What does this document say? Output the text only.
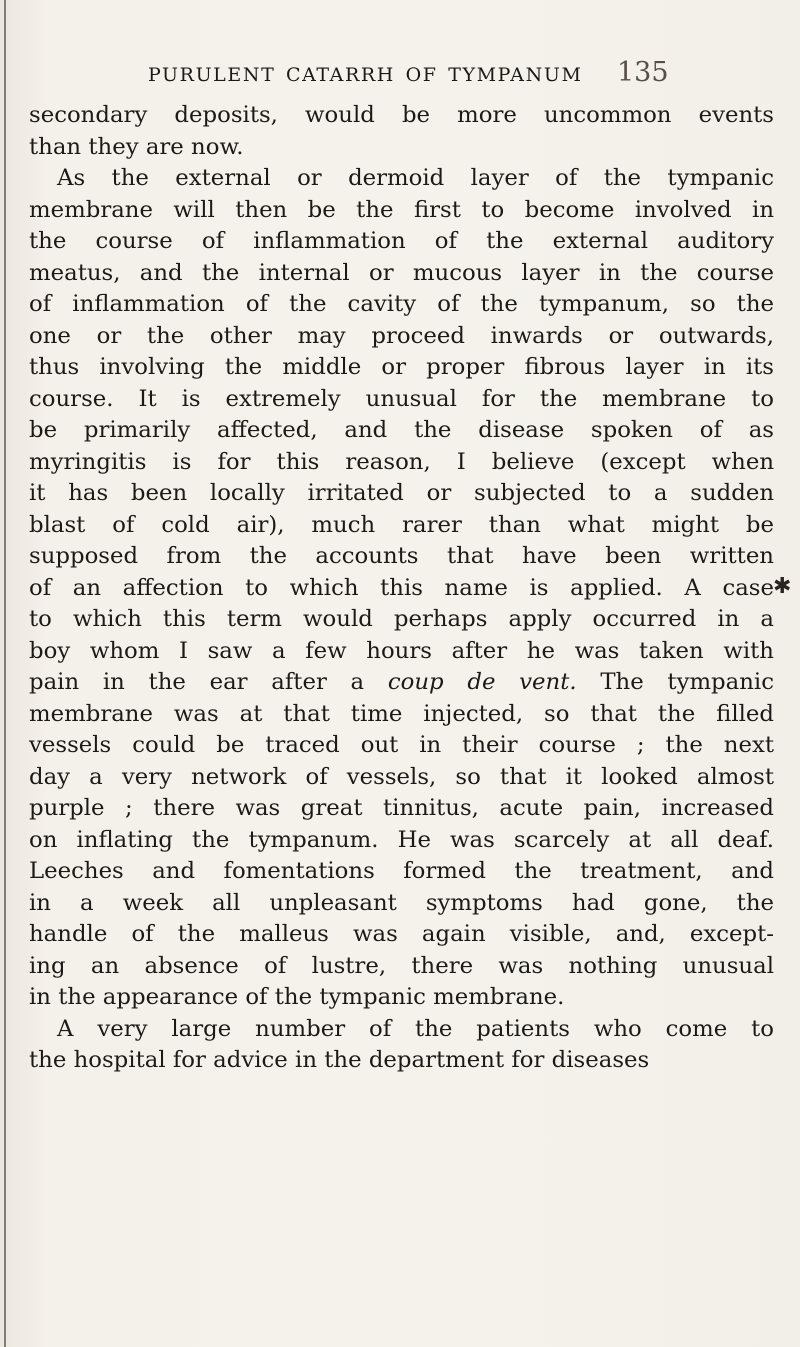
PURULENT CATARRH OF TYMPANUM 135
✱
secondary deposits, would be more uncommon events
than they are now.
As the external or dermoid layer of the tympanic
membrane will then be the first to become involved in
the course of inflammation of the external auditory
meatus, and the internal or mucous layer in the course
of inflammation of the cavity of the tympanum, so the
one or the other may proceed inwards or outwards,
thus involving the middle or proper fibrous layer in its
course. It is extremely unusual for the membrane to
be primarily affected, and the disease spoken of as
myringitis is for this reason, I believe (except when
it has been locally irritated or subjected to a sudden
blast of cold air), much rarer than what might be
supposed from the accounts that have been written
of an affection to which this name is applied. A case
to which this term would perhaps apply occurred in a
boy whom I saw a few hours after he was taken with
pain in the ear after a coup de vent. The tympanic
membrane was at that time injected, so that the filled
vessels could be traced out in their course ; the next
day a very network of vessels, so that it looked almost
purple ; there was great tinnitus, acute pain, increased
on inflating the tympanum. He was scarcely at all deaf.
Leeches and fomentations formed the treatment, and
in a week all unpleasant symptoms had gone, the
handle of the malleus was again visible, and, except-
ing an absence of lustre, there was nothing unusual
in the appearance of the tympanic membrane.
A very large number of the patients who come to
the hospital for advice in the department for diseases
